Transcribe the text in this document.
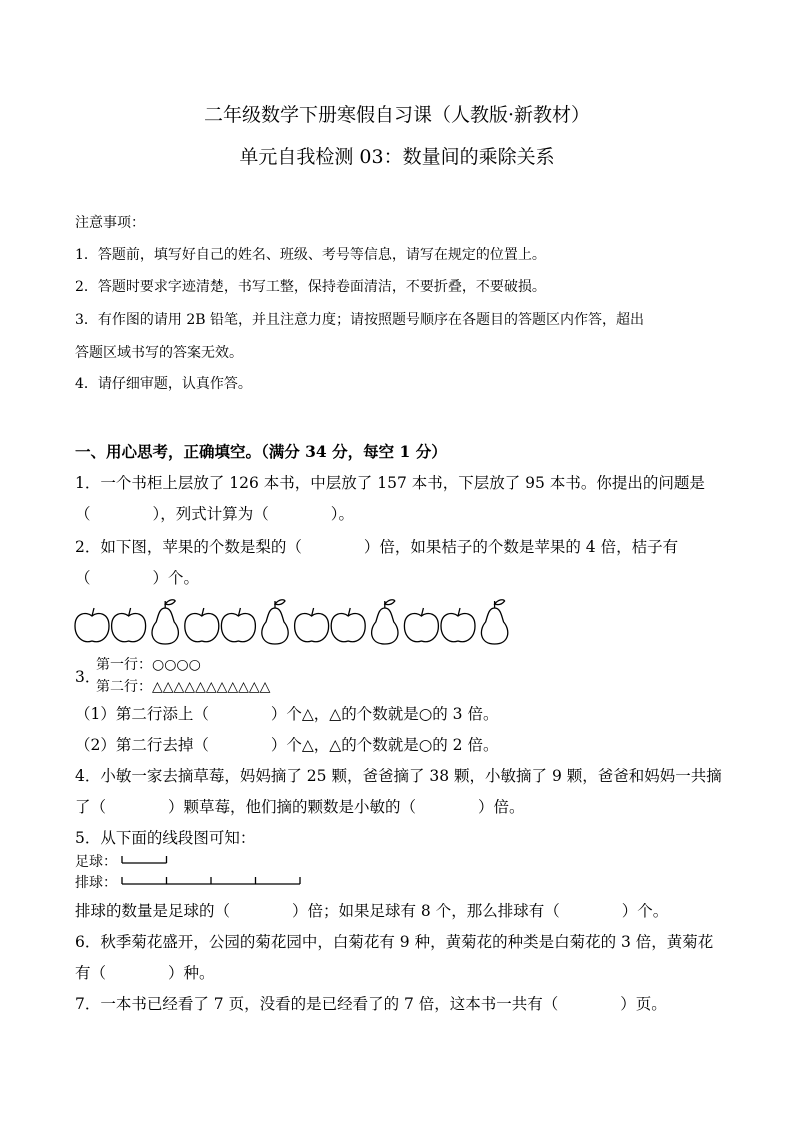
二年级数学下册寒假自习课（人教版·新教材）
单元自我检测 03：数量间的乘除关系
注意事项：
1．答题前，填写好自己的姓名、班级、考号等信息，请写在规定的位置上。
2．答题时要求字迹清楚，书写工整，保持卷面清洁，不要折叠，不要破损。
3．有作图的请用 2B 铅笔，并且注意力度；请按照题号顺序在各题目的答题区内作答，超出
答题区域书写的答案无效。
4．请仔细审题，认真作答。
一、用心思考，正确填空。（满分 34 分，每空 1 分）
1．一个书柜上层放了 126 本书，中层放了 157 本书，下层放了 95 本书。你提出的问题是
（　　　　），列式计算为（　　　　）。
2．如下图，苹果的个数是梨的（　　　　）倍，如果桔子的个数是苹果的 4 倍，桔子有
（　　　　）个。
3．
第一行：○○○○
第二行：△△△△△△△△△△△
（1）第二行添上（　　　　）个△，△的个数就是○的 3 倍。
（2）第二行去掉（　　　　）个△，△的个数就是○的 2 倍。
4．小敏一家去摘草莓，妈妈摘了 25 颗，爸爸摘了 38 颗，小敏摘了 9 颗，爸爸和妈妈一共摘
了（　　　　）颗草莓，他们摘的颗数是小敏的（　　　　）倍。
5．从下面的线段图可知：
足球：
排球：
排球的数量是足球的（　　　　）倍；如果足球有 8 个，那么排球有（　　　　）个。
6．秋季菊花盛开，公园的菊花园中，白菊花有 9 种，黄菊花的种类是白菊花的 3 倍，黄菊花
有（　　　　）种。
7．一本书已经看了 7 页，没看的是已经看了的 7 倍，这本书一共有（　　　　）页。
